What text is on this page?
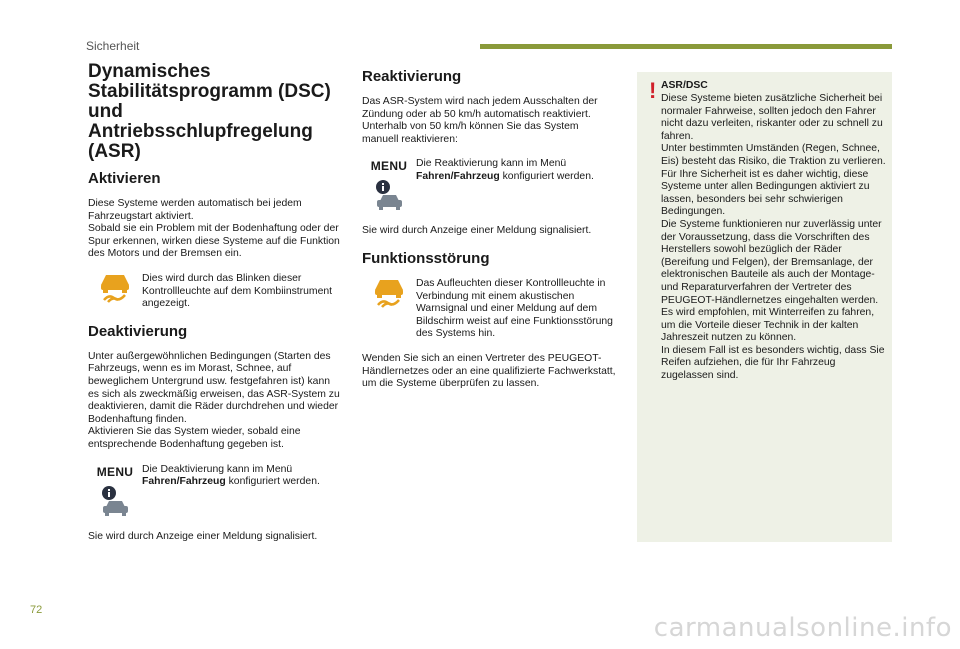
Sicherheit
Dynamisches Stabilitätsprogramm (DSC) und Antriebsschlupfregelung (ASR)
Aktivieren

Diese Systeme werden automatisch bei jedem Fahrzeugstart aktiviert.
Sobald sie ein Problem mit der Bodenhaftung oder der Spur erkennen, wirken diese Systeme auf die Funktion des Motors und der Bremsen ein.

Dies wird durch das Blinken dieser Kontrollleuchte auf dem Kombiinstrument angezeigt.
Deaktivierung

Unter außergewöhnlichen Bedingungen (Starten des Fahrzeugs, wenn es im Morast, Schnee, auf beweglichem Untergrund usw. festgefahren ist) kann es sich als zweckmäßig erweisen, das ASR-System zu deaktivieren, damit die Räder durchdrehen und wieder Bodenhaftung finden.
Aktivieren Sie das System wieder, sobald eine entsprechende Bodenhaftung gegeben ist.

MENU Die Deaktivierung kann im Menü Fahren/Fahrzeug konfiguriert werden.

Sie wird durch Anzeige einer Meldung signalisiert.

Reaktivierung

Das ASR-System wird nach jedem Ausschalten der Zündung oder ab 50 km/h automatisch reaktiviert.
Unterhalb von 50 km/h können Sie das System manuell reaktivieren:

MENU Die Reaktivierung kann im Menü Fahren/Fahrzeug konfiguriert werden.

Sie wird durch Anzeige einer Meldung signalisiert.

Funktionsstörung
Das Aufleuchten dieser Kontrollleuchte in Verbindung mit einem akustischen Warnsignal und einer Meldung auf dem Bildschirm weist auf eine Funktionsstörung des Systems hin.

Wenden Sie sich an einen Vertreter des PEUGEOT-Händlernetzes oder an eine qualifizierte Fachwerkstatt, um die Systeme überprüfen zu lassen.

! ASR/DSC
Diese Systeme bieten zusätzliche Sicherheit bei normaler Fahrweise, sollten jedoch den Fahrer nicht dazu verleiten, riskanter oder zu schnell zu fahren.
Unter bestimmten Umständen (Regen, Schnee, Eis) besteht das Risiko, die Traktion zu verlieren. Für Ihre Sicherheit ist es daher wichtig, diese Systeme unter allen Bedingungen aktiviert zu lassen, besonders bei sehr schwierigen Bedingungen.
Die Systeme funktionieren nur zuverlässig unter der Voraussetzung, dass die Vorschriften des Herstellers sowohl bezüglich der Räder (Bereifung und Felgen), der Bremsanlage, der elektronischen Bauteile als auch der Montage- und Reparaturverfahren der Vertreter des PEUGEOT-Händlernetzes eingehalten werden.
Es wird empfohlen, mit Winterreifen zu fahren, um die Vorteile dieser Technik in der kalten Jahreszeit nutzen zu können.
In diesem Fall ist es besonders wichtig, dass Sie Reifen aufziehen, die für Ihr Fahrzeug zugelassen sind.
72
carmanualsonline.info
